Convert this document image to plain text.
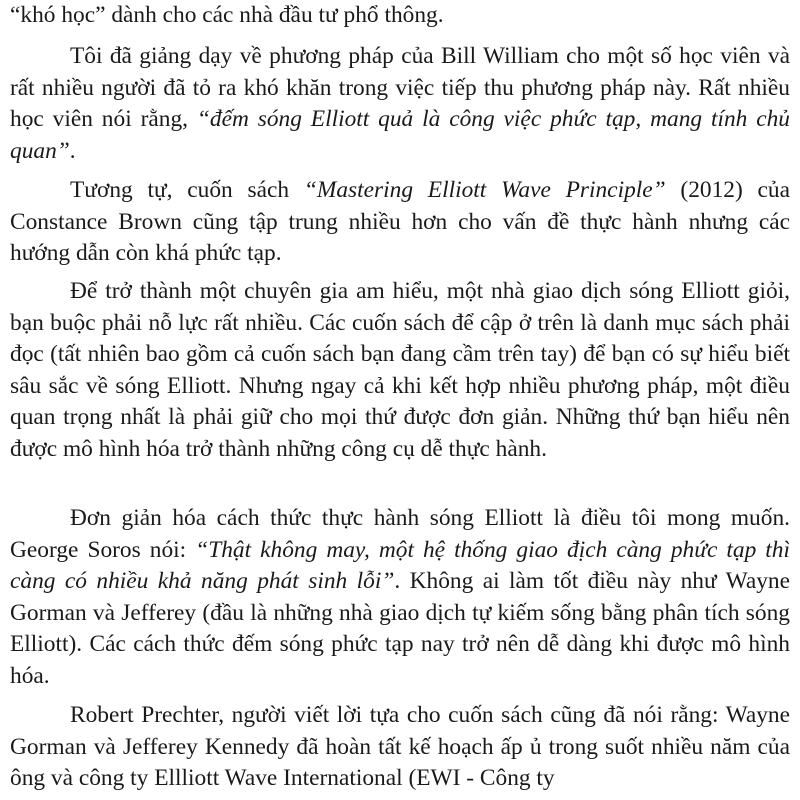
“khó học” dành cho các nhà đầu tư phổ thông.

Tôi đã giảng dạy về phương pháp của Bill William cho một số học viên và rất nhiều người đã tỏ ra khó khăn trong việc tiếp thu phương pháp này. Rất nhiều học viên nói rằng, “đếm sóng Elliott quả là công việc phức tạp, mang tính chủ quan”.

Tương tự, cuốn sách “Mastering Elliott Wave Principle” (2012) của Constance Brown cũng tập trung nhiều hơn cho vấn đề thực hành nhưng các hướng dẫn còn khá phức tạp.

Để trở thành một chuyên gia am hiểu, một nhà giao dịch sóng Elliott giỏi, bạn buộc phải nỗ lực rất nhiều. Các cuốn sách để cập ở trên là danh mục sách phải đọc (tất nhiên bao gồm cả cuốn sách bạn đang cầm trên tay) để bạn có sự hiểu biết sâu sắc về sóng Elliott. Nhưng ngay cả khi kết hợp nhiều phương pháp, một điều quan trọng nhất là phải giữ cho mọi thứ được đơn giản. Những thứ bạn hiểu nên được mô hình hóa trở thành những công cụ dễ thực hành.

Đơn giản hóa cách thức thực hành sóng Elliott là điều tôi mong muốn. George Soros nói: “Thật không may, một hệ thống giao địch càng phức tạp thì càng có nhiều khả năng phát sinh lỗi”. Không ai làm tốt điều này như Wayne Gorman và Jefferey (đầu là những nhà giao dịch tự kiếm sống bằng phân tích sóng Elliott). Các cách thức đếm sóng phức tạp nay trở nên dễ dàng khi được mô hình hóa.

Robert Prechter, người viết lời tựa cho cuốn sách cũng đã nói rằng: Wayne Gorman và Jefferey Kennedy đã hoàn tất kế hoạch ấp ủ trong suốt nhiều năm của ông và công ty Ellliott Wave International (EWI - Công ty
